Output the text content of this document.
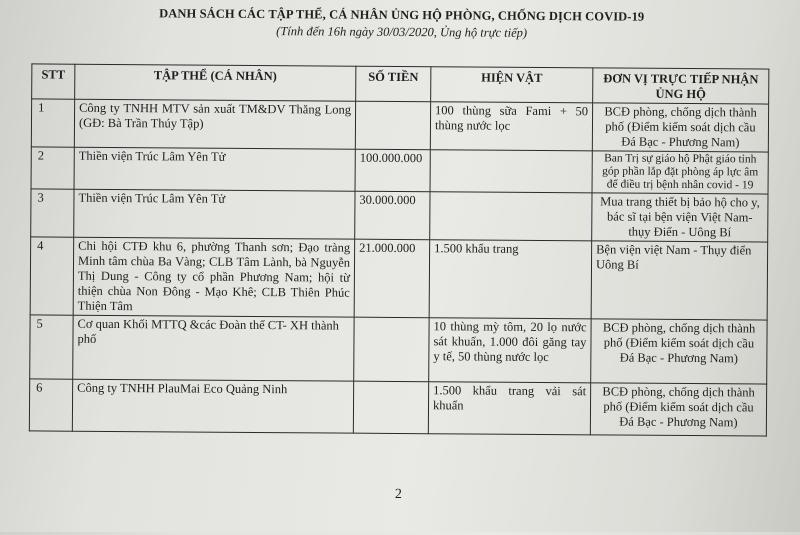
DANH SÁCH CÁC TẬP THỂ, CÁ NHÂN ỦNG HỘ PHÒNG, CHỐNG DỊCH COVID-19
(Tính đến 16h ngày 30/03/2020, Ủng hộ trực tiếp)
STT	TẬP THỂ (CÁ NHÂN)	SỐ TIỀN	HIỆN VẬT	ĐƠN VỊ TRỰC TIẾP NHẬN ỦNG HỘ
1	Công ty TNHH MTV sản xuất TM&DV Thăng Long (GĐ: Bà Trần Thúy Tập)		100 thùng sữa Fami + 50 thùng nước lọc	BCĐ phòng, chống dịch thành phố (Điểm kiểm soát dịch cầu Đá Bạc - Phương Nam)
2	Thiền viện Trúc Lâm Yên Tử	100.000.000		Ban Trị sự giáo hộ Phật giáo tỉnh góp phần lắp đặt phòng áp lực âm để điều trị bệnh nhân covid - 19
3	Thiền viện Trúc Lâm Yên Tử	30.000.000		Mua trang thiết bị bảo hộ cho y, bác sĩ tại bện viện Việt Nam-thụy Điển - Uông Bí
4	Chi hội CTĐ khu 6, phường Thanh sơn; Đạo tràng Minh tâm chùa Ba Vàng; CLB Tâm Lành, bà Nguyễn Thị Dung - Công ty cổ phần Phương Nam; hội từ thiện chùa Non Đông - Mạo Khê; CLB Thiên Phúc Thiện Tâm	21.000.000	1.500 khẩu trang	Bện viện việt Nam - Thụy điển Uông Bí
5	Cơ quan Khối MTTQ &các Đoàn thể CT- XH thành phố		10 thùng mỳ tôm, 20 lọ nước sát khuẩn, 1.000 đôi găng tay y tế, 50 thùng nước lọc	BCĐ phòng, chống dịch thành phố (Điểm kiểm soát dịch cầu Đá Bạc - Phương Nam)
6	Công ty TNHH PlauMai Eco Quảng Ninh		1.500 khẩu trang vải sát khuẩn	BCĐ phòng, chống dịch thành phố (Điểm kiểm soát dịch cầu Đá Bạc - Phương Nam)
2
